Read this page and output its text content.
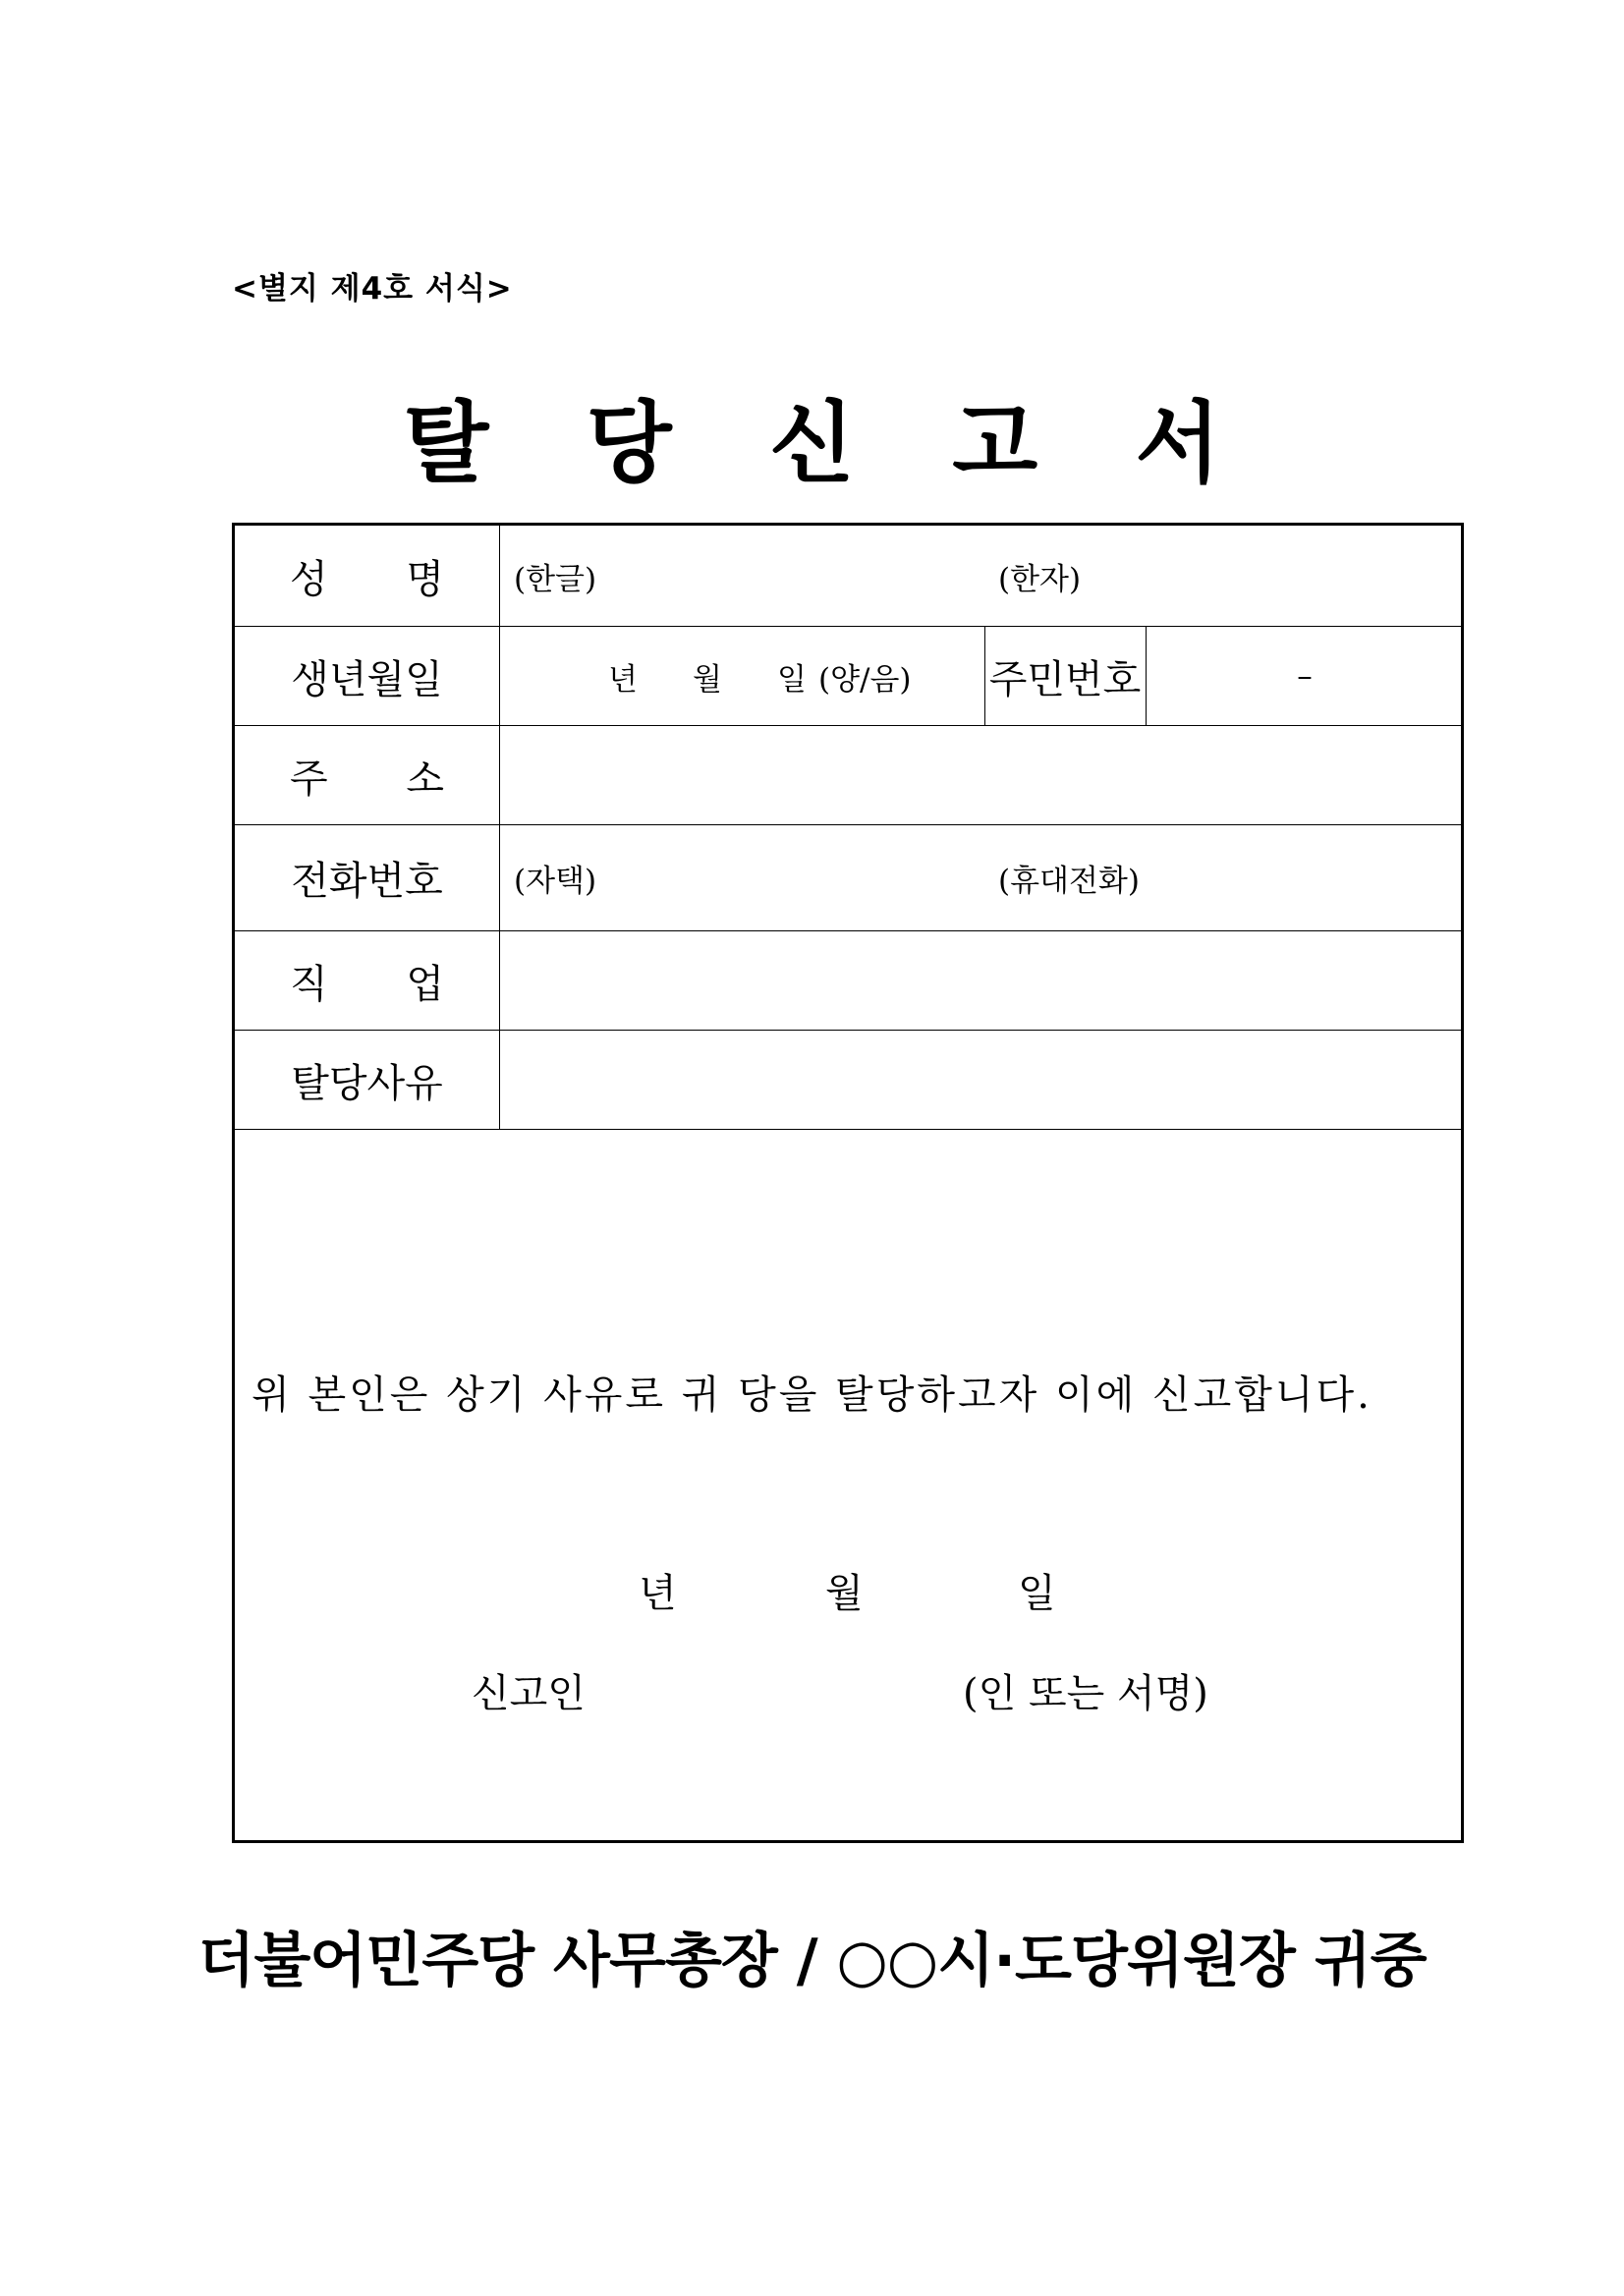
<별지 제4호 서식>
탈 당 신 고 서
성 명 (한글)	(한자)
생년월일	년 월 일 (양/음) 주민번호	–
주 소
전화번호	(자택)	(휴대전화)
직 업
탈당사유
위 본인은 상기 사유로 귀 당을 탈당하고자 이에 신고합니다.
년	월	일
신고인	(인 또는 서명)
더불어민주당 사무총장 / ○○시·도당위원장 귀중
